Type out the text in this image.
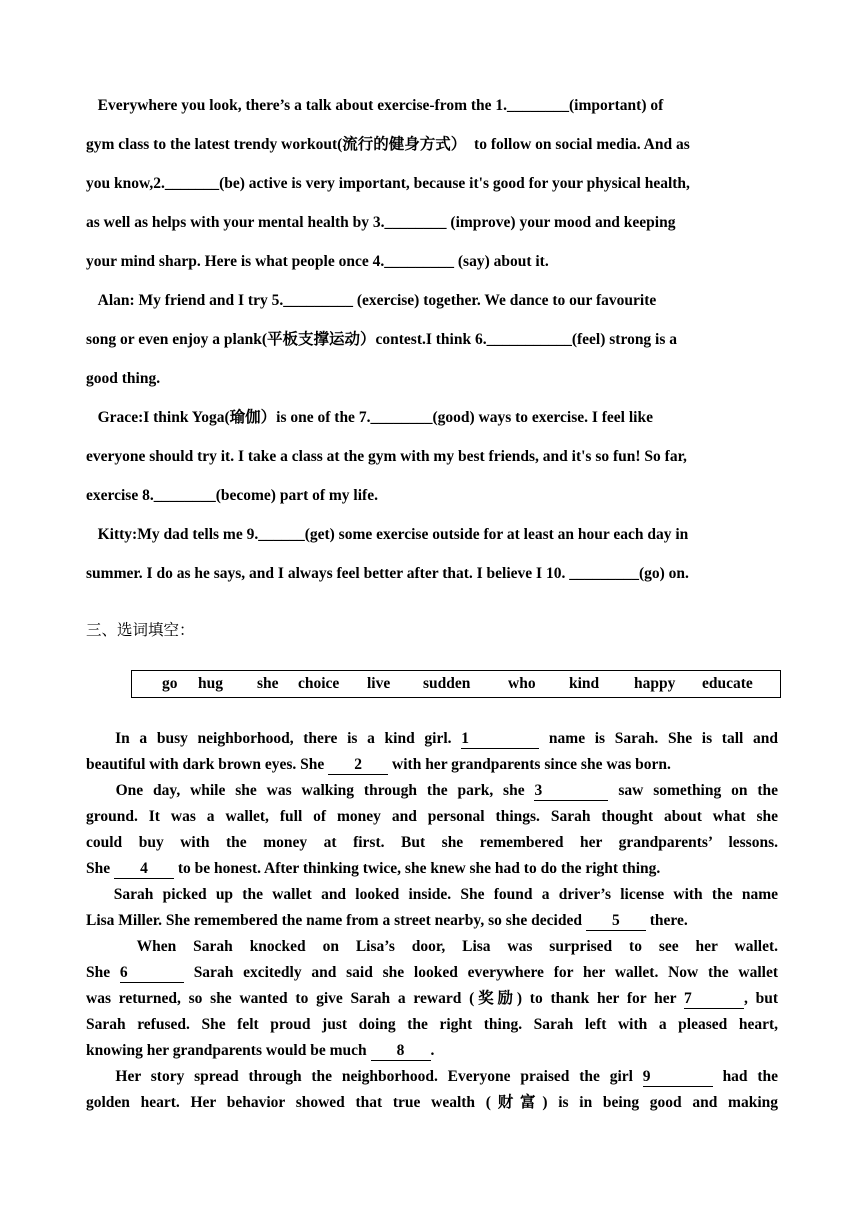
Everywhere you look, there’s a talk about exercise-from the 1.________(important) of
gym class to the latest trendy workout(流行的健身方式）  to follow on social media. And as
you know,2._______(be) active is very important, because it's good for your physical health,
as well as helps with your mental health by 3.________ (improve) your mood and keeping
your mind sharp. Here is what people once 4._________ (say) about it.
Alan: My friend and I try 5._________ (exercise) together. We dance to our favourite
song or even enjoy a plank(平板支撑运动）contest.I think 6.___________(feel) strong is a
good thing.
Grace:I think Yoga(瑜伽）is one of the 7.________(good) ways to exercise. I feel like
everyone should try it. I take a class at the gym with my best friends, and it's so fun! So far,
exercise 8.________(become) part of my life.
Kitty:My dad tells me 9.______(get) some exercise outside for at least an hour each day in
summer. I do as he says, and I always feel better after that. I believe I 10. _________(go) on.
三、选词填空：
go hug she choice live sudden who kind happy educate
In a busy neighborhood, there is a kind girl. 1	name is Sarah. She is tall and
beautiful with dark brown eyes. She 2 with her grandparents since she was born.
One day, while she was walking through the park, she 3	saw something on the
ground. It was a wallet, full of money and personal things. Sarah thought about what she
could buy with the money at first. But she remembered her grandparents’ lessons.
She 4 to be honest. After thinking twice, she knew she had to do the right thing.
Sarah picked up the wallet and looked inside. She found a driver’s license with the name
Lisa Miller. She remembered the name from a street nearby, so she decided 5 there.
When Sarah knocked on Lisa’s door, Lisa was surprised to see her wallet.
She 6	Sarah excitedly and said she looked everywhere for her wallet. Now the wallet
was returned, so she wanted to give Sarah a reward (奖励) to thank her for her 7	, but
Sarah refused. She felt proud just doing the right thing. Sarah left with a pleased heart,
knowing her grandparents would be much 8 .
Her story spread through the neighborhood. Everyone praised the girl 9	had the
golden heart. Her behavior showed that true wealth (财富) is in being good and making
